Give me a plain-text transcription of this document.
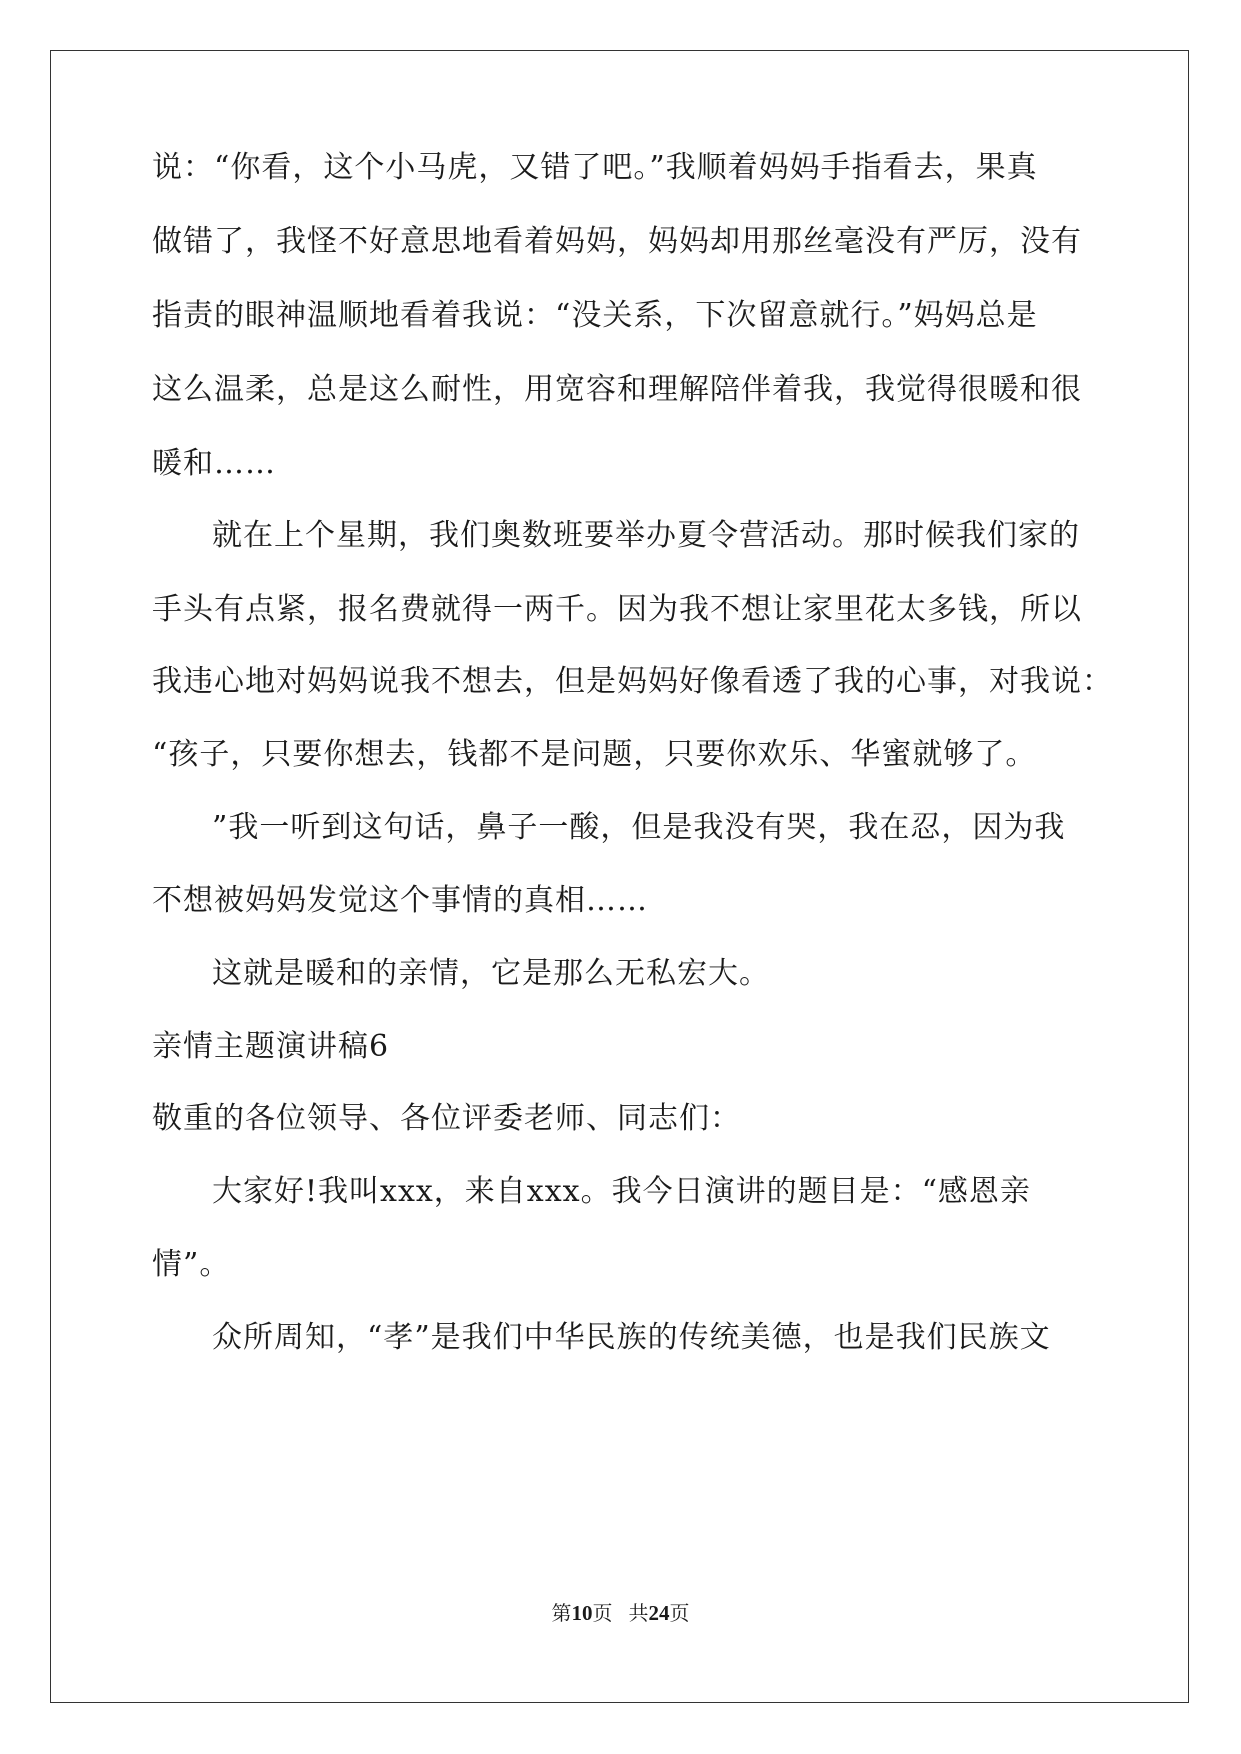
说：“你看，这个小马虎，又错了吧。”我顺着妈妈手指看去，果真
做错了，我怪不好意思地看着妈妈，妈妈却用那丝毫没有严厉，没有
指责的眼神温顺地看着我说：“没关系，下次留意就行。”妈妈总是
这么温柔，总是这么耐性，用宽容和理解陪伴着我，我觉得很暖和很
暖和……
就在上个星期，我们奥数班要举办夏令营活动。那时候我们家的
手头有点紧，报名费就得一两千。因为我不想让家里花太多钱，所以
我违心地对妈妈说我不想去，但是妈妈好像看透了我的心事，对我说：
“孩子，只要你想去，钱都不是问题，只要你欢乐、华蜜就够了。
”我一听到这句话，鼻子一酸，但是我没有哭，我在忍，因为我
不想被妈妈发觉这个事情的真相……
这就是暖和的亲情，它是那么无私宏大。
亲情主题演讲稿6
敬重的各位领导、各位评委老师、同志们：
大家好!我叫xxx，来自xxx。我今日演讲的题目是：“感恩亲
情”。
众所周知，“孝”是我们中华民族的传统美德，也是我们民族文
第10页 共24页
